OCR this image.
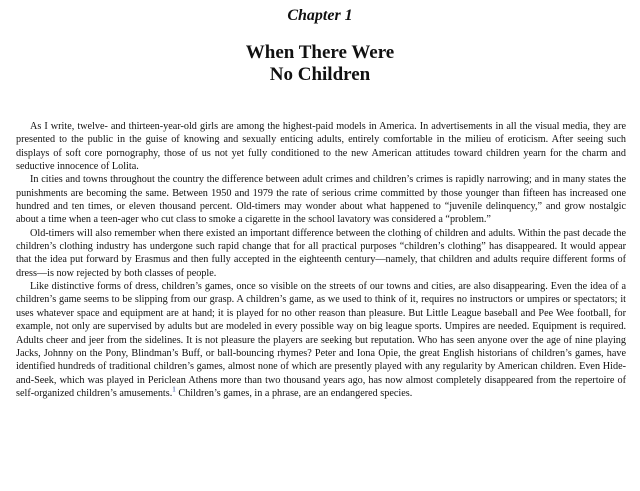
Chapter 1
When There Were
No Children

As I write, twelve- and thirteen-year-old girls are among the highest-paid models in America. In advertisements in all the visual media, they are presented to the public in the guise of knowing and sexually enticing adults, entirely comfortable in the milieu of eroticism. After seeing such displays of soft core pornography, those of us not yet fully conditioned to the new American attitudes toward children yearn for the charm and seductive innocence of Lolita.

In cities and towns throughout the country the difference between adult crimes and children’s crimes is rapidly narrowing; and in many states the punishments are becoming the same. Between 1950 and 1979 the rate of serious crime committed by those younger than fifteen has increased one hundred and ten times, or eleven thousand percent. Old-timers may wonder about what happened to “juvenile delinquency,” and grow nostalgic about a time when a teen-ager who cut class to smoke a cigarette in the school lavatory was considered a “problem.”

Old-timers will also remember when there existed an important difference between the clothing of children and adults. Within the past decade the children’s clothing industry has undergone such rapid change that for all practical purposes “children’s clothing” has disappeared. It would appear that the idea put forward by Erasmus and then fully accepted in the eighteenth century—namely, that children and adults require different forms of dress—is now rejected by both classes of people.

Like distinctive forms of dress, children’s games, once so visible on the streets of our towns and cities, are also disappearing. Even the idea of a children’s game seems to be slipping from our grasp. A children’s game, as we used to think of it, requires no instructors or umpires or spectators; it uses whatever space and equipment are at hand; it is played for no other reason than pleasure. But Little League baseball and Pee Wee football, for example, not only are supervised by adults but are modeled in every possible way on big league sports. Umpires are needed. Equipment is required. Adults cheer and jeer from the sidelines. It is not pleasure the players are seeking but reputation. Who has seen anyone over the age of nine playing Jacks, Johnny on the Pony, Blindman’s Buff, or ball-bouncing rhymes? Peter and Iona Opie, the great English historians of children’s games, have identified hundreds of traditional children’s games, almost none of which are presently played with any regularity by American children. Even Hide-and-Seek, which was played in Periclean Athens more than two thousand years ago, has now almost completely disappeared from the repertoire of self-organized children’s amusements.$^1$ Children’s games, in a phrase, are an endangered species.
